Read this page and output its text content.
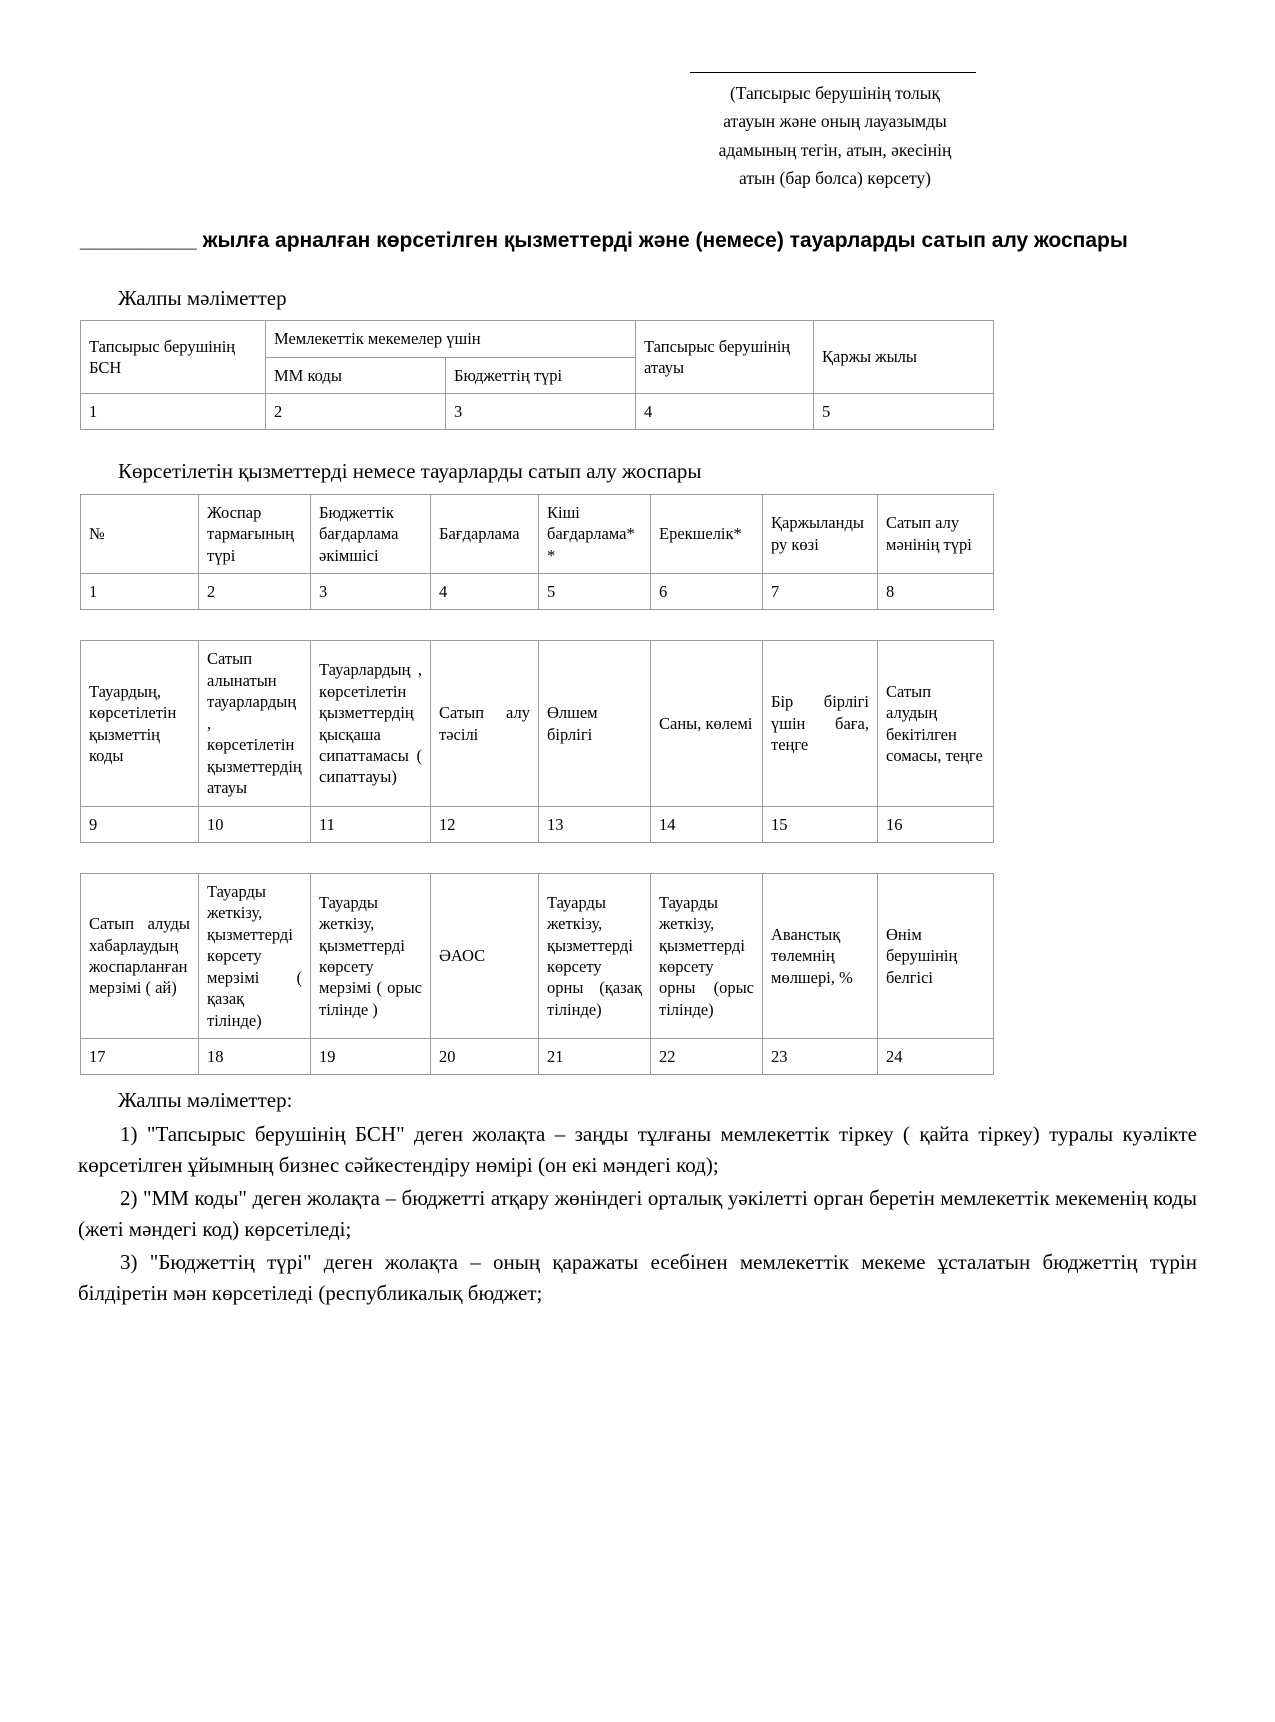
(Тапсырыс берушінің толық
атауын және оның лауазымды
адамының тегін, атын, әкесінің
атын (бар болса) көрсету)
__________ жылға арналған көрсетілген қызметтерді және (немесе) тауарларды сатып алу жоспары
Жалпы мәліметтер
Тапсырыс берушінің БСН	Мемлекеттік мекемелер үшін		Тапсырыс берушінің атауы	Қаржы жылы
	ММ коды	Бюджеттің түрі		
1	2	3	4	5
Көрсетілетін қызметтерді немесе тауарларды сатып алу жоспары
№	Жоспар тармағының түрі	Бюджеттік бағдарлама әкімшісі	Бағдарлама	Кіші бағдарлама**	Ерекшелік*	Қаржыландыру көзі	Сатып алу мәнінің түрі
1	2	3	4	5	6	7	8
Тауардың, көрсетілетін қызметтің коды	Сатып алынатын тауарлардың , көрсетілетін қызметтердің атауы	Тауарлардың , көрсетілетін қызметтердің қысқаша сипаттамасы ( сипаттауы)	Сатып алу тәсілі	Өлшем бірлігі	Саны, көлемі	Бір бірлігі үшін баға, теңге	Сатып алудың бекітілген сомасы, теңге
9	10	11	12	13	14	15	16
Сатып алуды хабарлаудың жоспарланған мерзімі ( ай)	Тауарды жеткізу, қызметтерді көрсету мерзімі ( қазақ тілінде)	Тауарды жеткізу, қызметтерді көрсету мерзімі ( орыс тілінде )	ӘАОС	Тауарды жеткізу, қызметтерді көрсету орны (қазақ тілінде)	Тауарды жеткізу, қызметтерді көрсету орны (орыс тілінде)	Аванстық төлемнің мөлшері, %	Өнім берушінің белгісі
17	18	19	20	21	22	23	24
Жалпы мәліметтер:

1) "Тапсырыс берушінің БСН" деген жолақта – заңды тұлғаны мемлекеттік тіркеу ( қайта тіркеу) туралы куәлікте көрсетілген ұйымның бизнес сәйкестендіру нөмірі (он екі мәндегі код);

2) "ММ коды" деген жолақта – бюджетті атқару жөніндегі орталық уәкілетті орган беретін мемлекеттік мекеменің коды (жеті мәндегі код) көрсетіледі;

3) "Бюджеттің түрі" деген жолақта – оның қаражаты есебінен мемлекеттік мекеме ұсталатын бюджеттің түрін білдіретін мән көрсетіледі (республикалық бюджет;
